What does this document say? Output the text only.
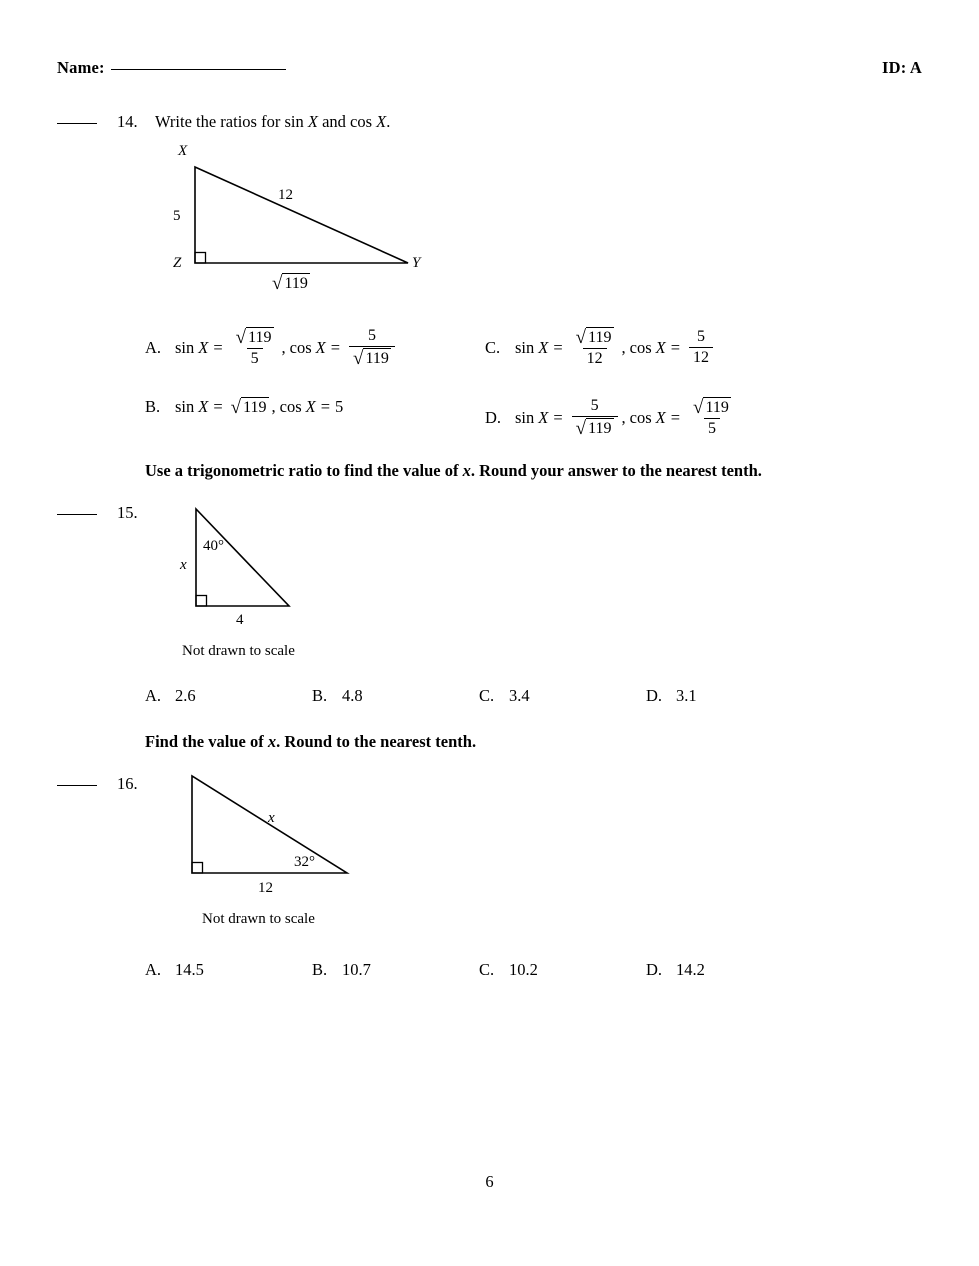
Name:	ID: A
14.	Write the ratios for sin X and cos X.
X
Z	Y
5
12
√ 119
A. $\sin X = \frac{√ 119}{5}$ , $\cos X = \frac{5}{√ 119}$	C. $\sin X = \frac{√ 119}{12}$ , $\cos X = \frac{5}{12}$
B. sin X = √ 119 , cos X = 5
D. $\sin X = \frac{5}{√ 119}$ , $\cos X = \frac{√ 119}{5}$
Use a trigonometric ratio to find the value of x. Round your answer to the nearest tenth.
15.
40°
x
4
Not drawn to scale
A. 2.6	B. 4.8	C. 3.4	D. 3.1
Find the value of x. Round to the nearest tenth.
16.
x
32°
12
Not drawn to scale
A. 14.5	B. 10.7	C. 10.2	D. 14.2
6
